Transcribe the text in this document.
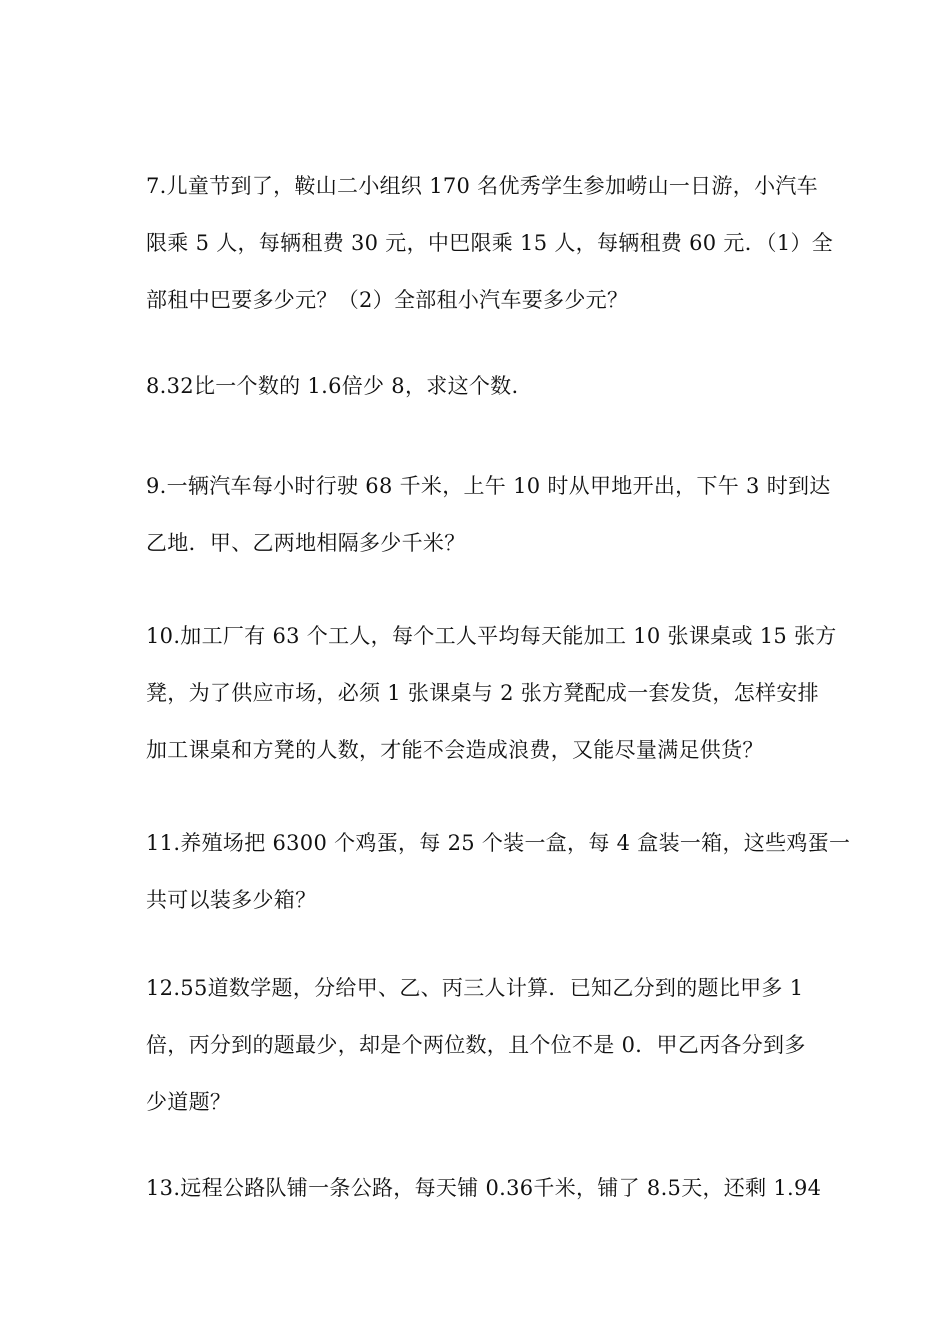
7.儿童节到了，鞍山二小组织 170 名优秀学生参加崂山一日游，小汽车
限乘 5 人，每辆租费 30 元，中巴限乘 15 人，每辆租费 60 元．（1）全
部租中巴要多少元？（2）全部租小汽车要多少元？
8.32比一个数的 1.6倍少 8，求这个数.
9.一辆汽车每小时行驶 68 千米，上午 10 时从甲地开出，下午 3 时到达
乙地．甲、乙两地相隔多少千米？
10.加工厂有 63 个工人，每个工人平均每天能加工 10 张课桌或 15 张方
凳，为了供应市场，必须 1 张课桌与 2 张方凳配成一套发货，怎样安排
加工课桌和方凳的人数，才能不会造成浪费，又能尽量满足供货？
11.养殖场把 6300 个鸡蛋，每 25 个装一盒，每 4 盒装一箱，这些鸡蛋一
共可以装多少箱？
12.55道数学题，分给甲、乙、丙三人计算．已知乙分到的题比甲多 1
倍，丙分到的题最少，却是个两位数，且个位不是 0．甲乙丙各分到多
少道题？
13.远程公路队铺一条公路，每天铺 0.36千米，铺了 8.5天，还剩 1.94
